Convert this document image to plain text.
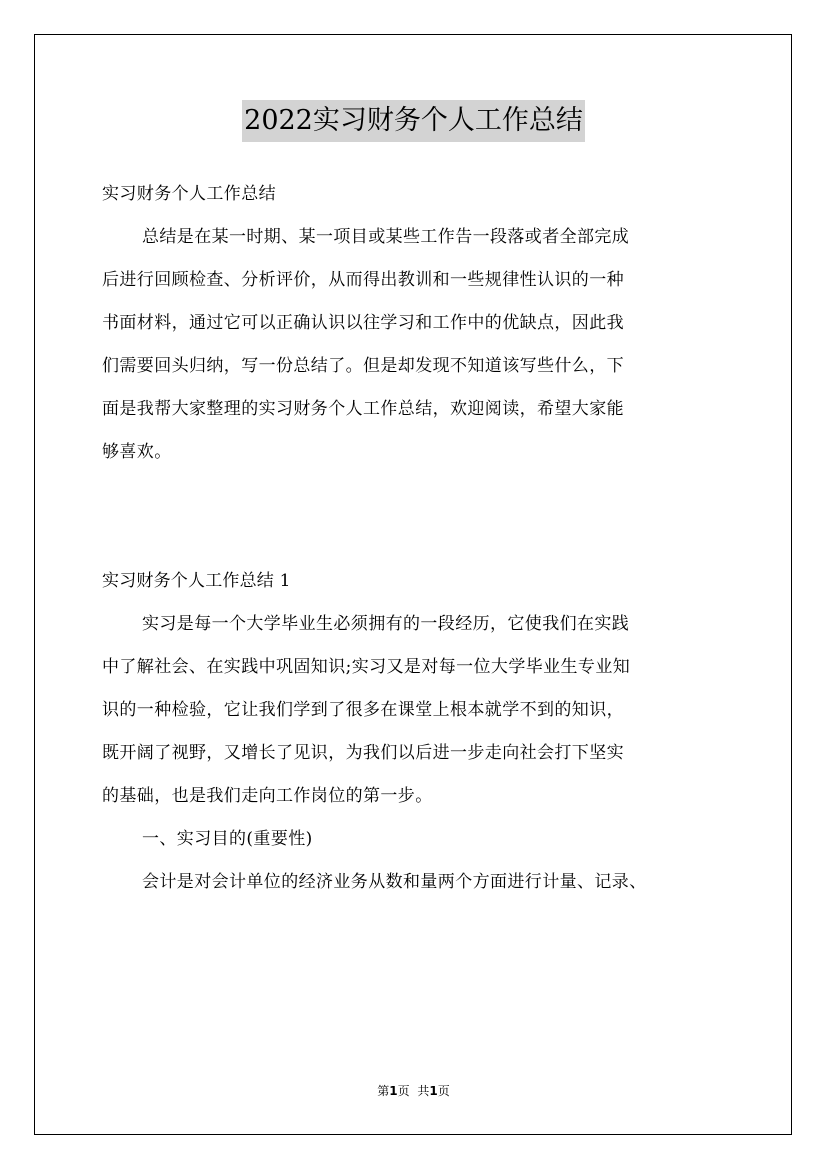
2022实习财务个人工作总结
实习财务个人工作总结
总结是在某一时期、某一项目或某些工作告一段落或者全部完成
后进行回顾检查、分析评价，从而得出教训和一些规律性认识的一种
书面材料，通过它可以正确认识以往学习和工作中的优缺点，因此我
们需要回头归纳，写一份总结了。但是却发现不知道该写些什么，下
面是我帮大家整理的实习财务个人工作总结，欢迎阅读，希望大家能
够喜欢。
实习财务个人工作总结 1
实习是每一个大学毕业生必须拥有的一段经历，它使我们在实践
中了解社会、在实践中巩固知识;实习又是对每一位大学毕业生专业知
识的一种检验，它让我们学到了很多在课堂上根本就学不到的知识，
既开阔了视野，又增长了见识，为我们以后进一步走向社会打下坚实
的基础，也是我们走向工作岗位的第一步。
一、实习目的(重要性)
会计是对会计单位的经济业务从数和量两个方面进行计量、记录、
第1页 共1页
